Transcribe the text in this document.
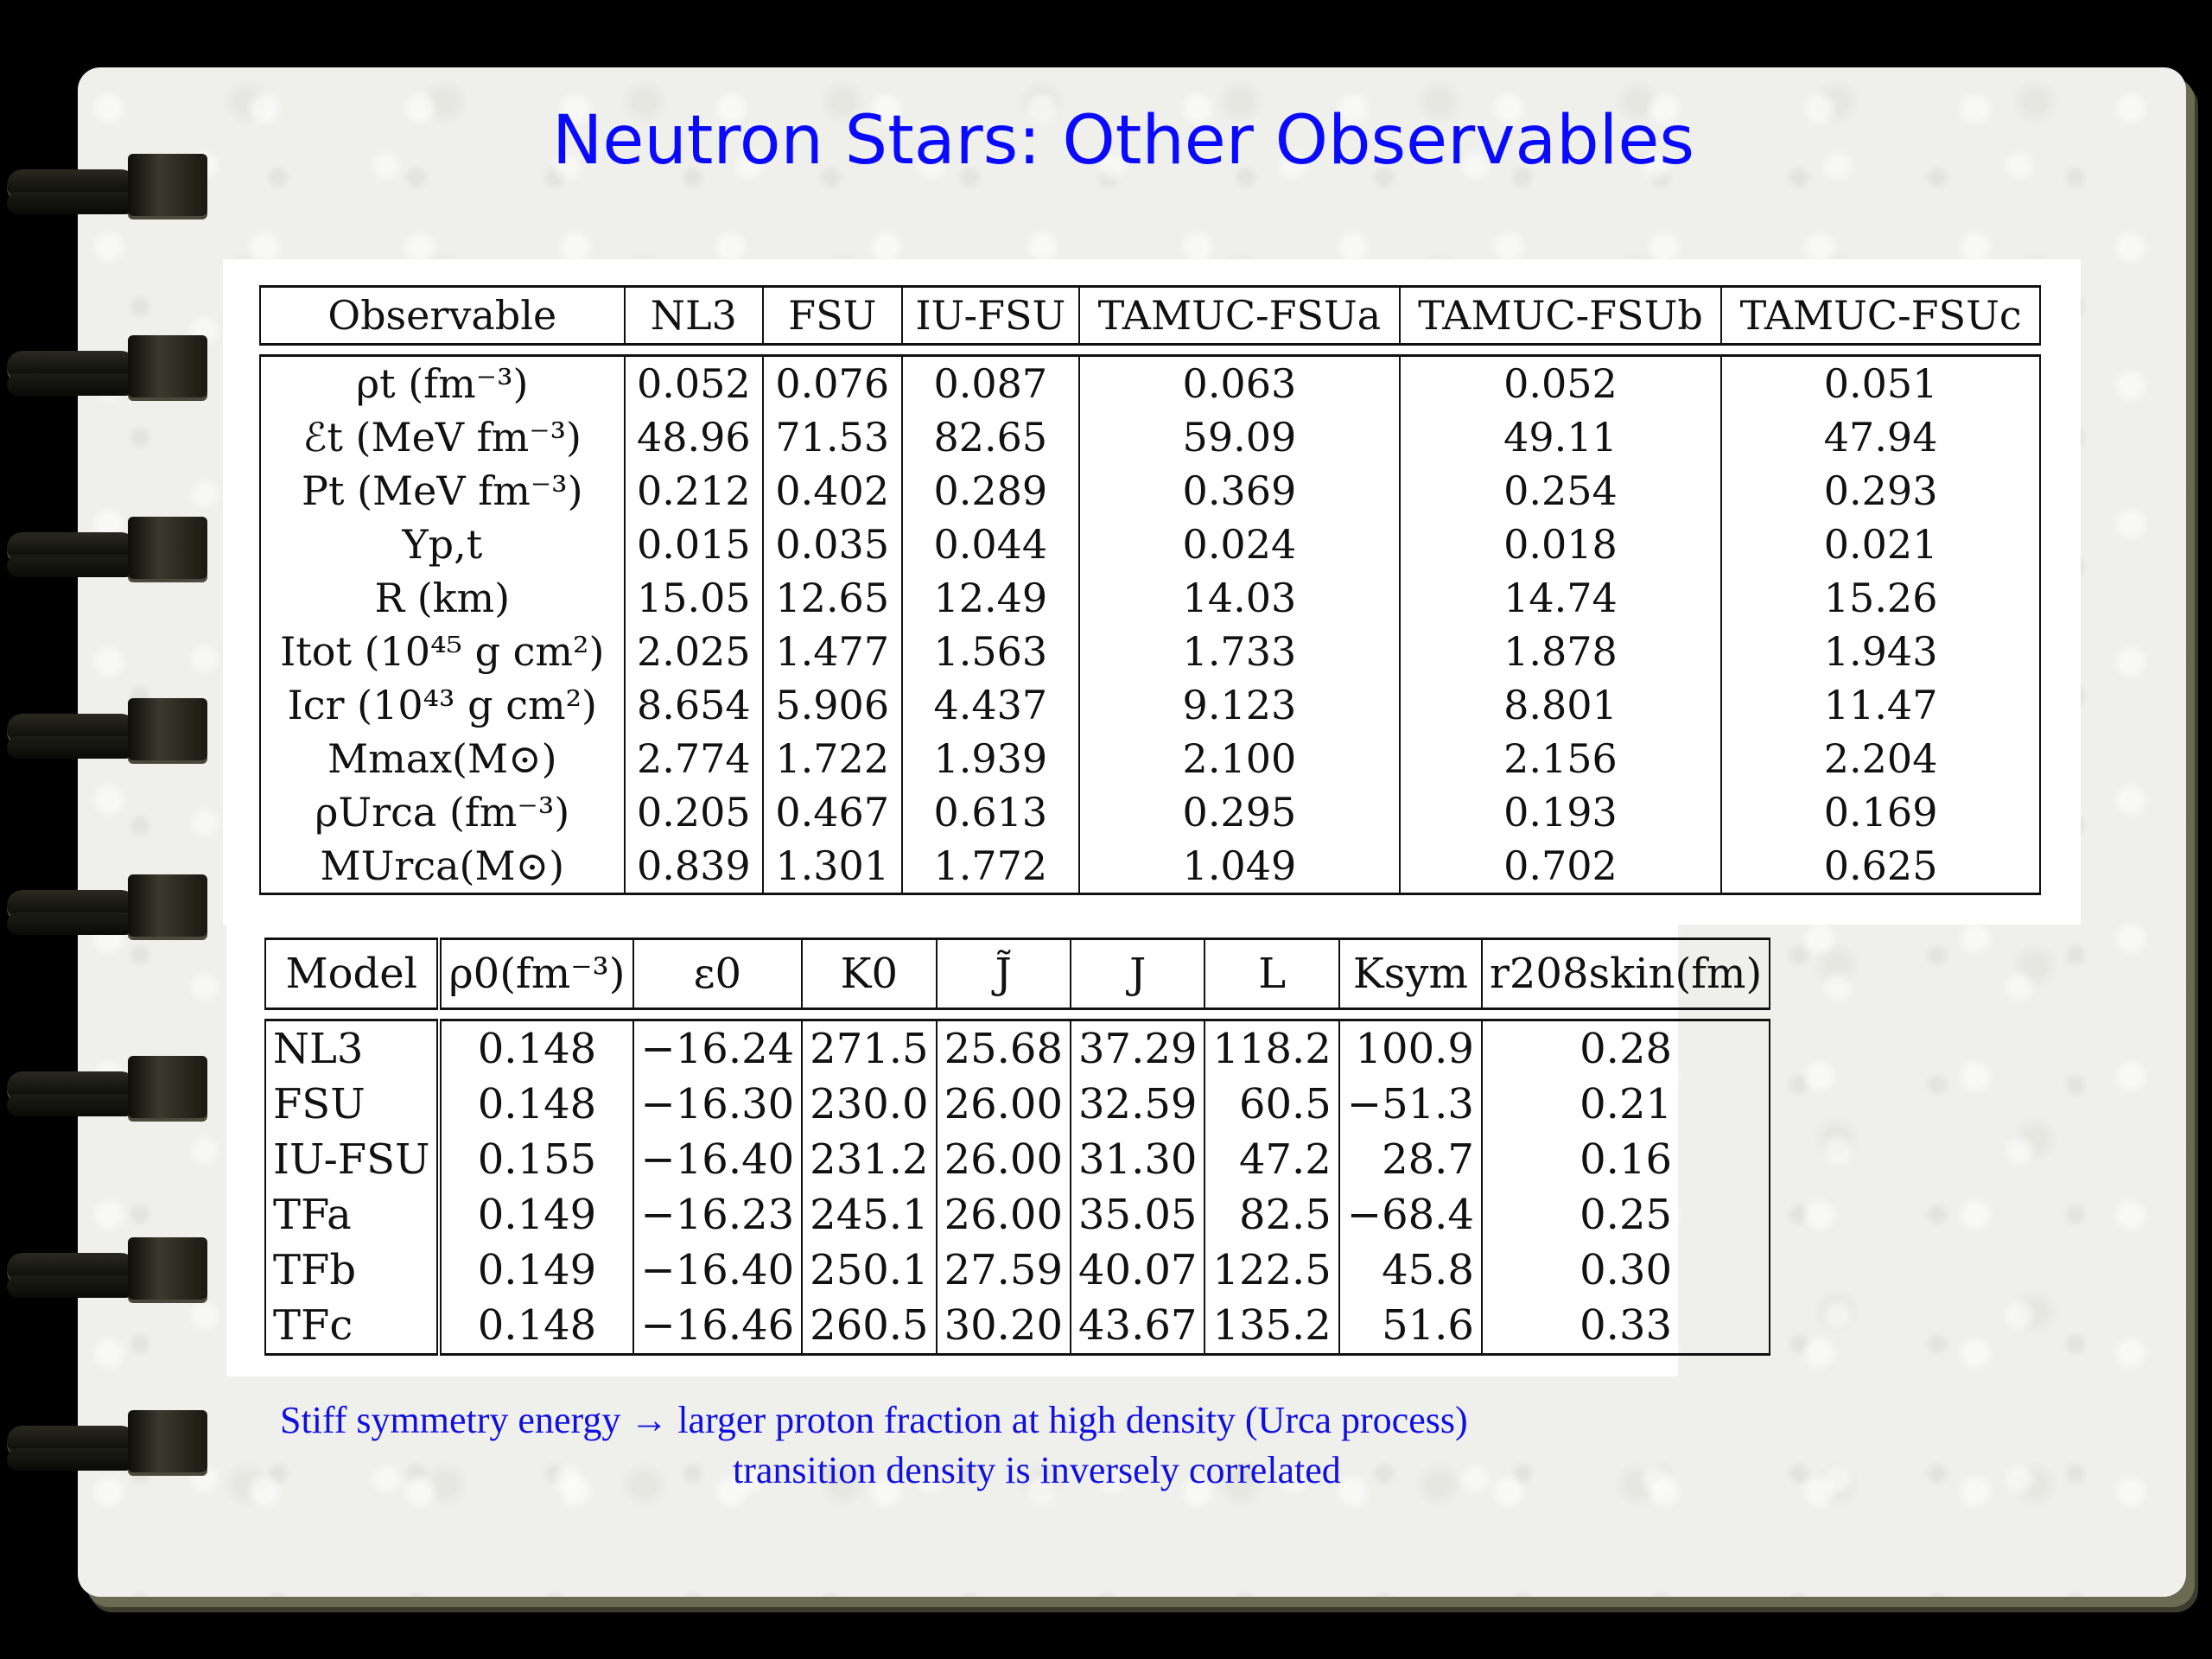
Neutron Stars: Other Observables
Observable	NL3	FSU	IU-FSU	TAMUC-FSUa	TAMUC-FSUb	TAMUC-FSUc

ρt (fm⁻³)	0.052	0.076	0.087	0.063	0.052	0.051
ℰt (MeV fm⁻³)	48.96	71.53	82.65	59.09	49.11	47.94
Pt (MeV fm⁻³)	0.212	0.402	0.289	0.369	0.254	0.293
Yp,t	0.015	0.035	0.044	0.024	0.018	0.021
R (km)	15.05	12.65	12.49	14.03	14.74	15.26
Itot (10⁴⁵ g cm²)	2.025	1.477	1.563	1.733	1.878	1.943
Icr (10⁴³ g cm²)	8.654	5.906	4.437	9.123	8.801	11.47
Mmax(M⊙)	2.774	1.722	1.939	2.100	2.156	2.204
ρUrca (fm⁻³)	0.205	0.467	0.613	0.295	0.193	0.169
MUrca(M⊙)	0.839	1.301	1.772	1.049	0.702	0.625
Model	ρ0(fm⁻³)	ε0	K0	J̃	J	L	Ksym	r208skin(fm)

NL3	0.148	−16.24	271.5	25.68	37.29	118.2	100.9	0.28
FSU	0.148	−16.30	230.0	26.00	32.59	60.5	−51.3	0.21
IU-FSU	0.155	−16.40	231.2	26.00	31.30	47.2	28.7	0.16
TFa	0.149	−16.23	245.1	26.00	35.05	82.5	−68.4	0.25
TFb	0.149	−16.40	250.1	27.59	40.07	122.5	45.8	0.30
TFc	0.148	−16.46	260.5	30.20	43.67	135.2	51.6	0.33
Stiff symmetry energy → larger proton fraction at high density (Urca process)
transition density is inversely correlated
